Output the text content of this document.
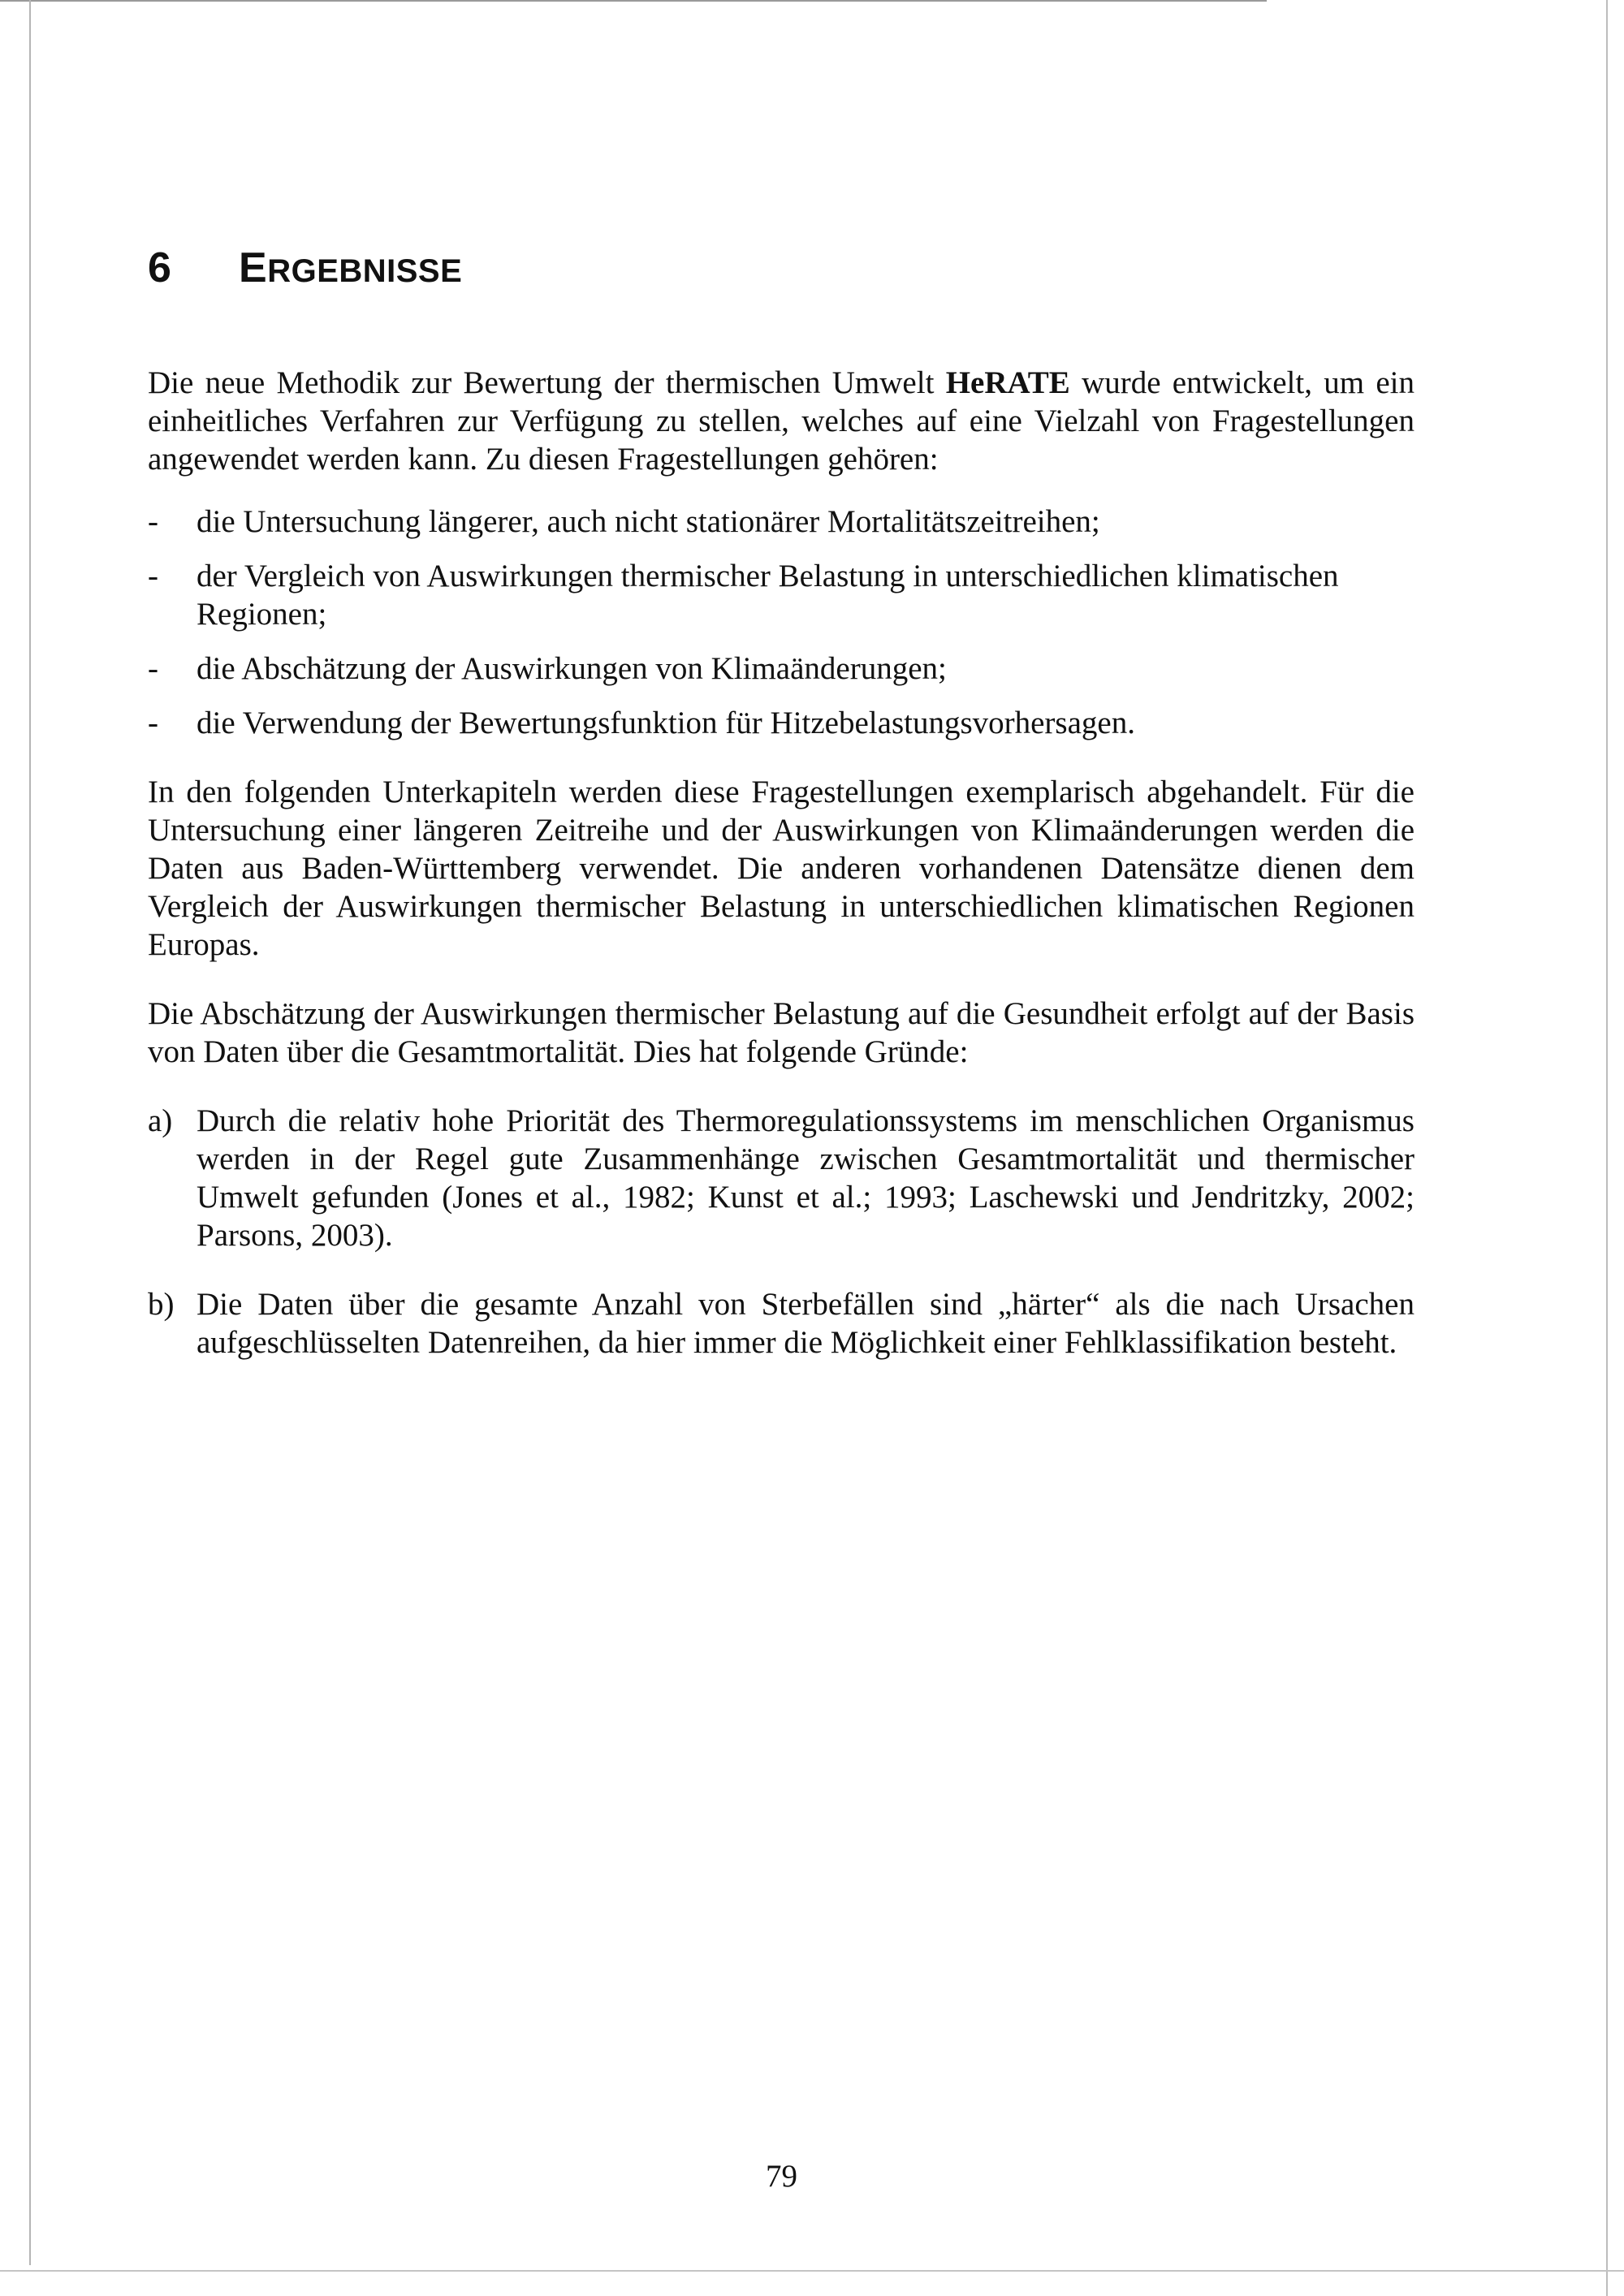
6 ERGEBNISSE

Die neue Methodik zur Bewertung der thermischen Umwelt HeRATE wurde entwickelt, um ein einheitliches Verfahren zur Verfügung zu stellen, welches auf eine Vielzahl von Fragestellungen angewendet werden kann. Zu diesen Fragestellungen gehören:

- die Untersuchung längerer, auch nicht stationärer Mortalitätszeitreihen;
- der Vergleich von Auswirkungen thermischer Belastung in unterschiedlichen klimatischen Regionen;
- die Abschätzung der Auswirkungen von Klimaänderungen;
- die Verwendung der Bewertungsfunktion für Hitzebelastungsvorhersagen.

In den folgenden Unterkapiteln werden diese Fragestellungen exemplarisch abgehandelt. Für die Untersuchung einer längeren Zeitreihe und der Auswirkungen von Klimaänderungen werden die Daten aus Baden-Württemberg verwendet. Die anderen vorhandenen Datensätze dienen dem Vergleich der Auswirkungen thermischer Belastung in unterschiedlichen klimatischen Regionen Europas.

Die Abschätzung der Auswirkungen thermischer Belastung auf die Gesundheit erfolgt auf der Basis von Daten über die Gesamtmortalität. Dies hat folgende Gründe:

a) Durch die relativ hohe Priorität des Thermoregulationssystems im menschlichen Organismus werden in der Regel gute Zusammenhänge zwischen Gesamtmortalität und thermischer Umwelt gefunden (Jones et al., 1982; Kunst et al.; 1993; Laschewski und Jendritzky, 2002; Parsons, 2003).
b) Die Daten über die gesamte Anzahl von Sterbefällen sind „härter“ als die nach Ursachen aufgeschlüsselten Datenreihen, da hier immer die Möglichkeit einer Fehlklassifikation besteht.
79
